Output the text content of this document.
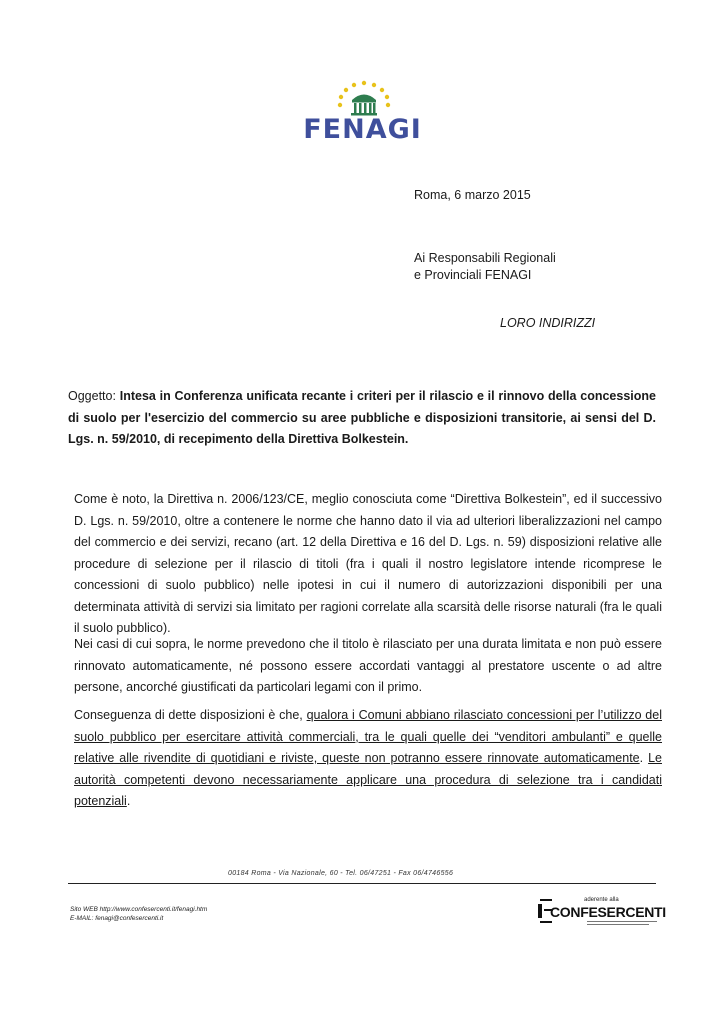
FENAGI
Roma, 6 marzo 2015
Ai Responsabili Regionali
e Provinciali FENAGI
LORO INDIRIZZI
Oggetto: Intesa in Conferenza unificata recante i criteri per il rilascio e il rinnovo della concessione di suolo per l'esercizio del commercio su aree pubbliche e disposizioni transitorie, ai sensi del D. Lgs. n. 59/2010, di recepimento della Direttiva Bolkestein.
Come è noto, la Direttiva n. 2006/123/CE, meglio conosciuta come “Direttiva Bolkestein”, ed il successivo D. Lgs. n. 59/2010, oltre a contenere le norme che hanno dato il via ad ulteriori liberalizzazioni nel campo del commercio e dei servizi, recano (art. 12 della Direttiva e 16 del D. Lgs. n. 59) disposizioni relative alle procedure di selezione per il rilascio di titoli (fra i quali il nostro legislatore intende ricomprese le concessioni di suolo pubblico) nelle ipotesi in cui il numero di autorizzazioni disponibili per una determinata attività di servizi sia limitato per ragioni correlate alla scarsità delle risorse naturali (fra le quali il suolo pubblico).
Nei casi di cui sopra, le norme prevedono che il titolo è rilasciato per una durata limitata e non può essere rinnovato automaticamente, né possono essere accordati vantaggi al prestatore uscente o ad altre persone, ancorché giustificati da particolari legami con il primo.
Conseguenza di dette disposizioni è che, qualora i Comuni abbiano rilasciato concessioni per l’utilizzo del suolo pubblico per esercitare attività commerciali, tra le quali quelle dei “venditori ambulanti” e quelle relative alle rivendite di quotidiani e riviste, queste non potranno essere rinnovate automaticamente. Le autorità competenti devono necessariamente applicare una procedura di selezione tra i candidati potenziali.
00184 Roma - Via Nazionale, 60 - Tel. 06/47251 - Fax 06/4746556
Sito WEB http://www.confesercenti.it/fenagi.htm
E-MAIL: fenagi@confesercenti.it
aderente alla
CONFESERCENTI
